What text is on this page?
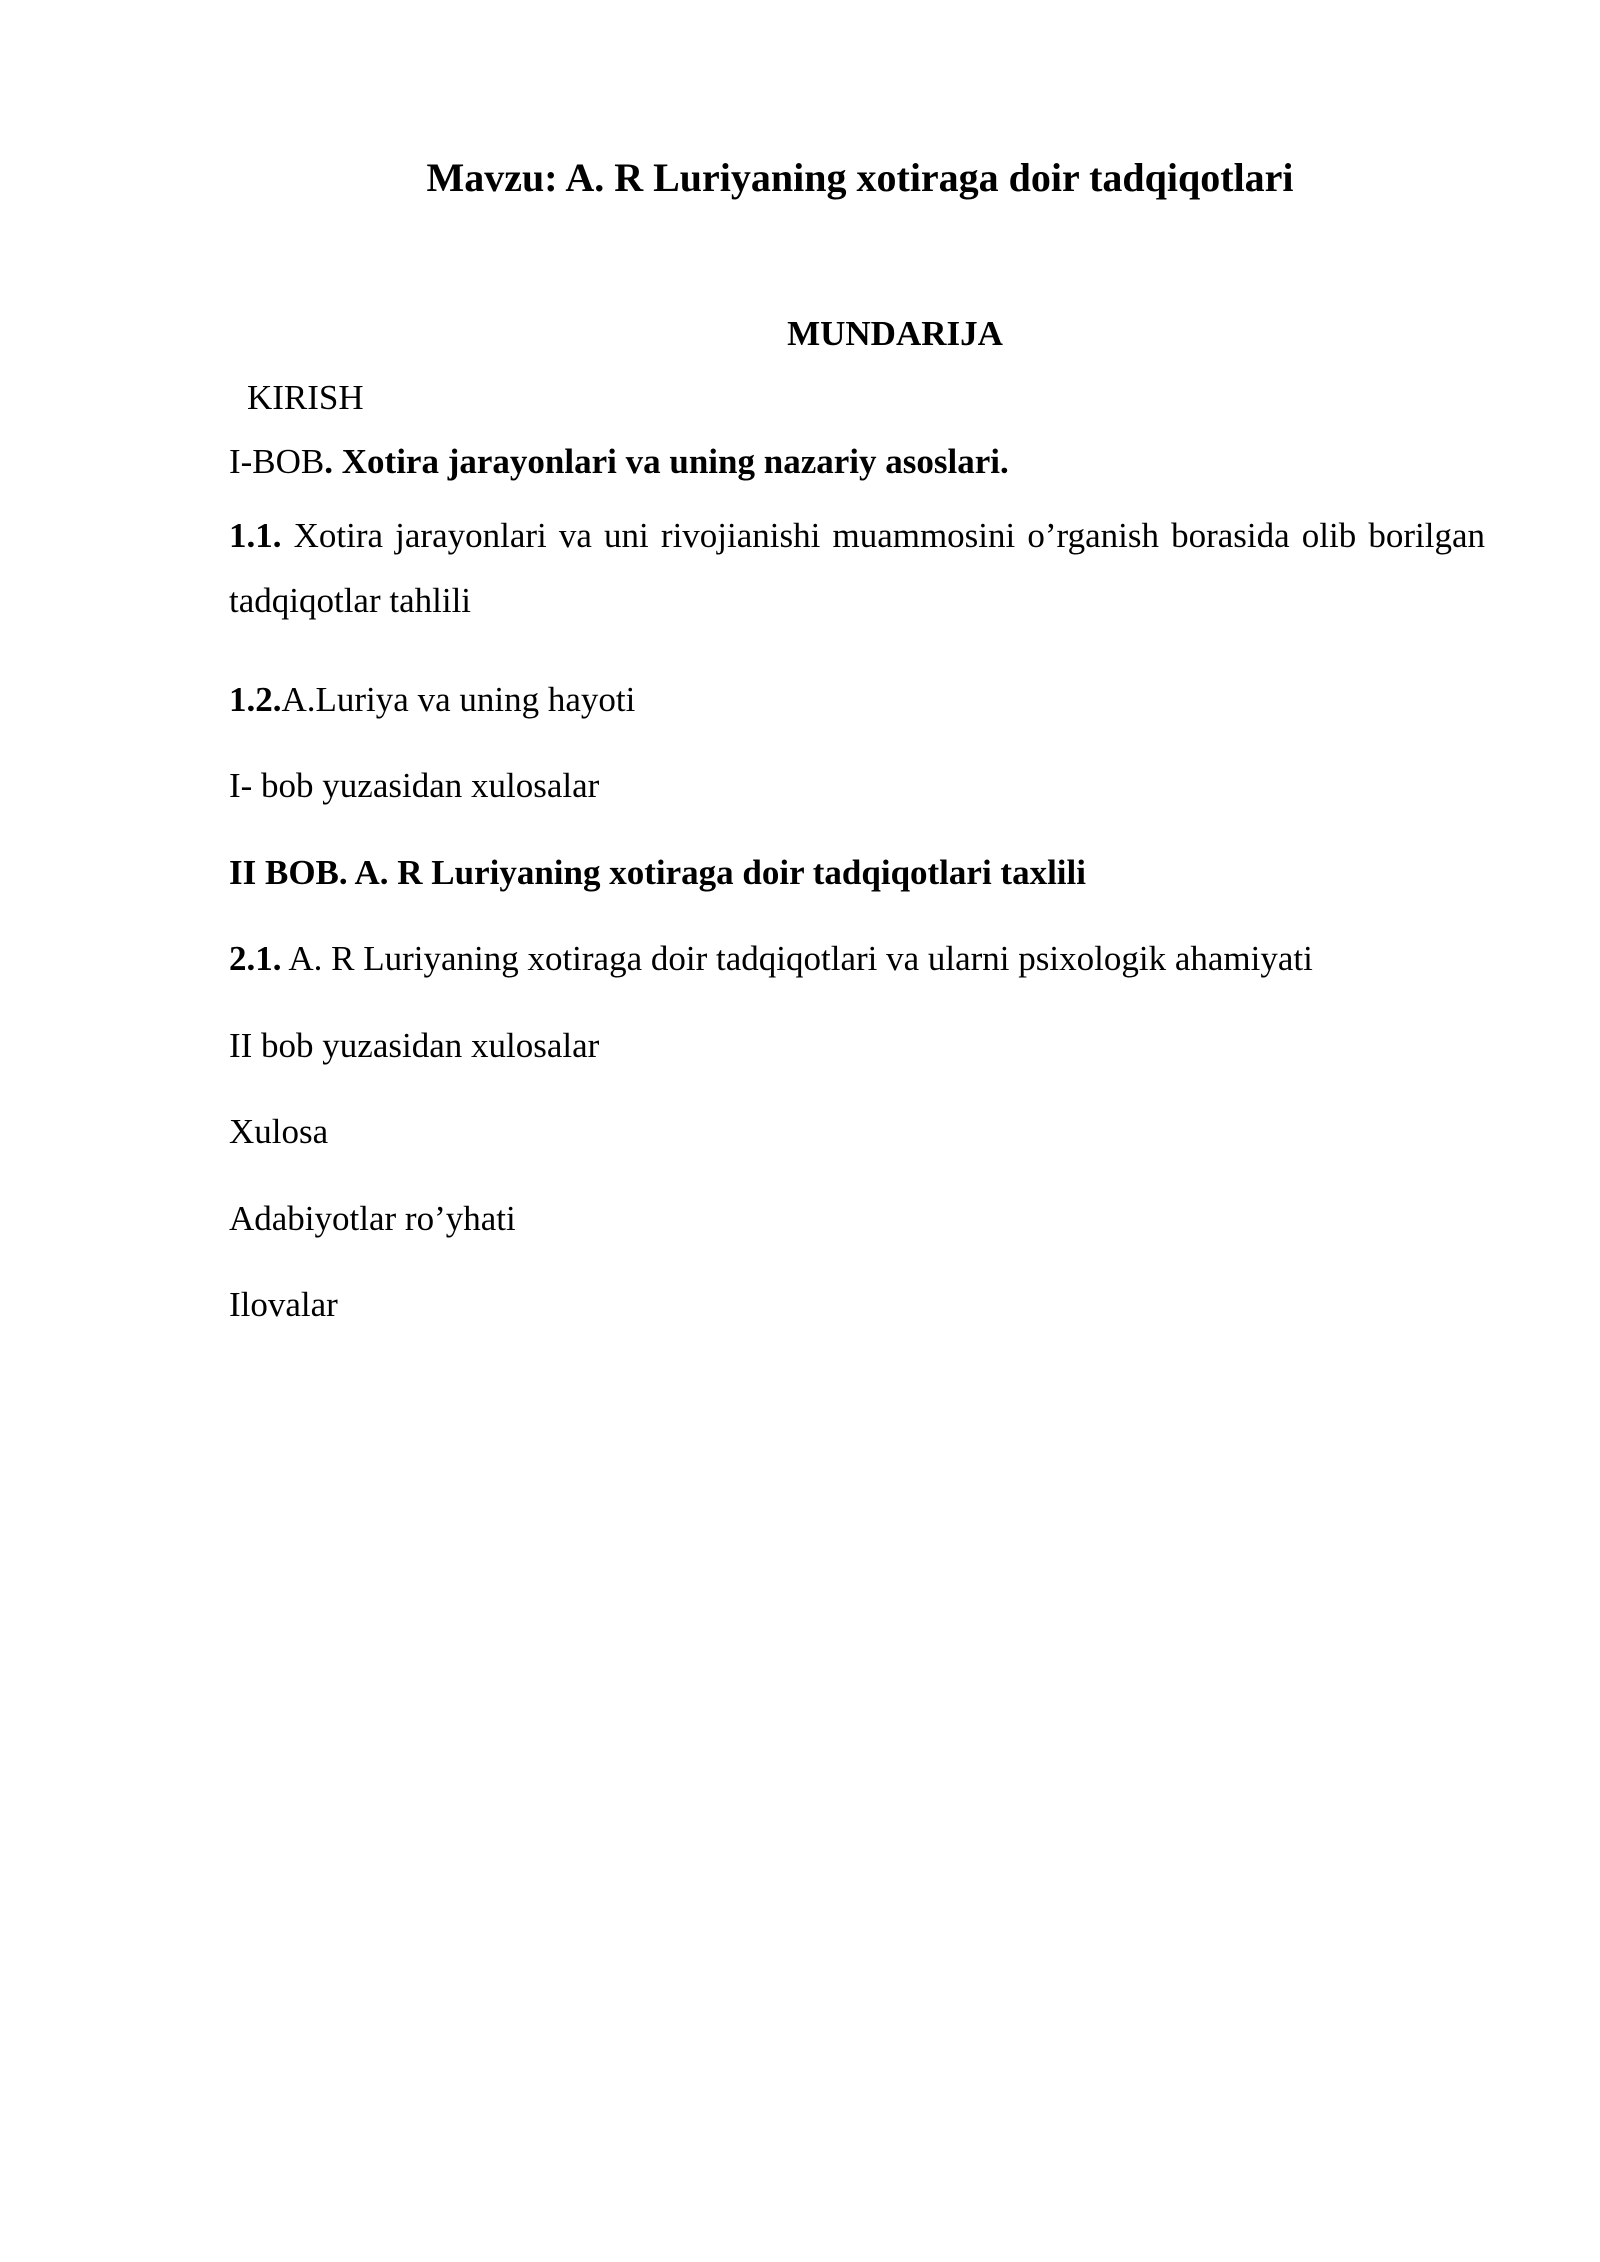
Mavzu: A. R Luriyaning xotiraga doir tadqiqotlari
MUNDARIJA
KIRISH
I-BOB. Xotira jarayonlari va uning nazariy asoslari.
1.1. Xotira jarayonlari va uni rivojianishi muammosini o’rganish borasida olib borilgan tadqiqotlar tahlili
1.2.A.Luriya va uning hayoti
I- bob yuzasidan xulosalar
II BOB. A. R Luriyaning xotiraga doir tadqiqotlari taxlili
2.1. A. R Luriyaning xotiraga doir tadqiqotlari va ularni psixologik ahamiyati
II bob yuzasidan xulosalar
Xulosa
Adabiyotlar ro’yhati
Ilovalar
